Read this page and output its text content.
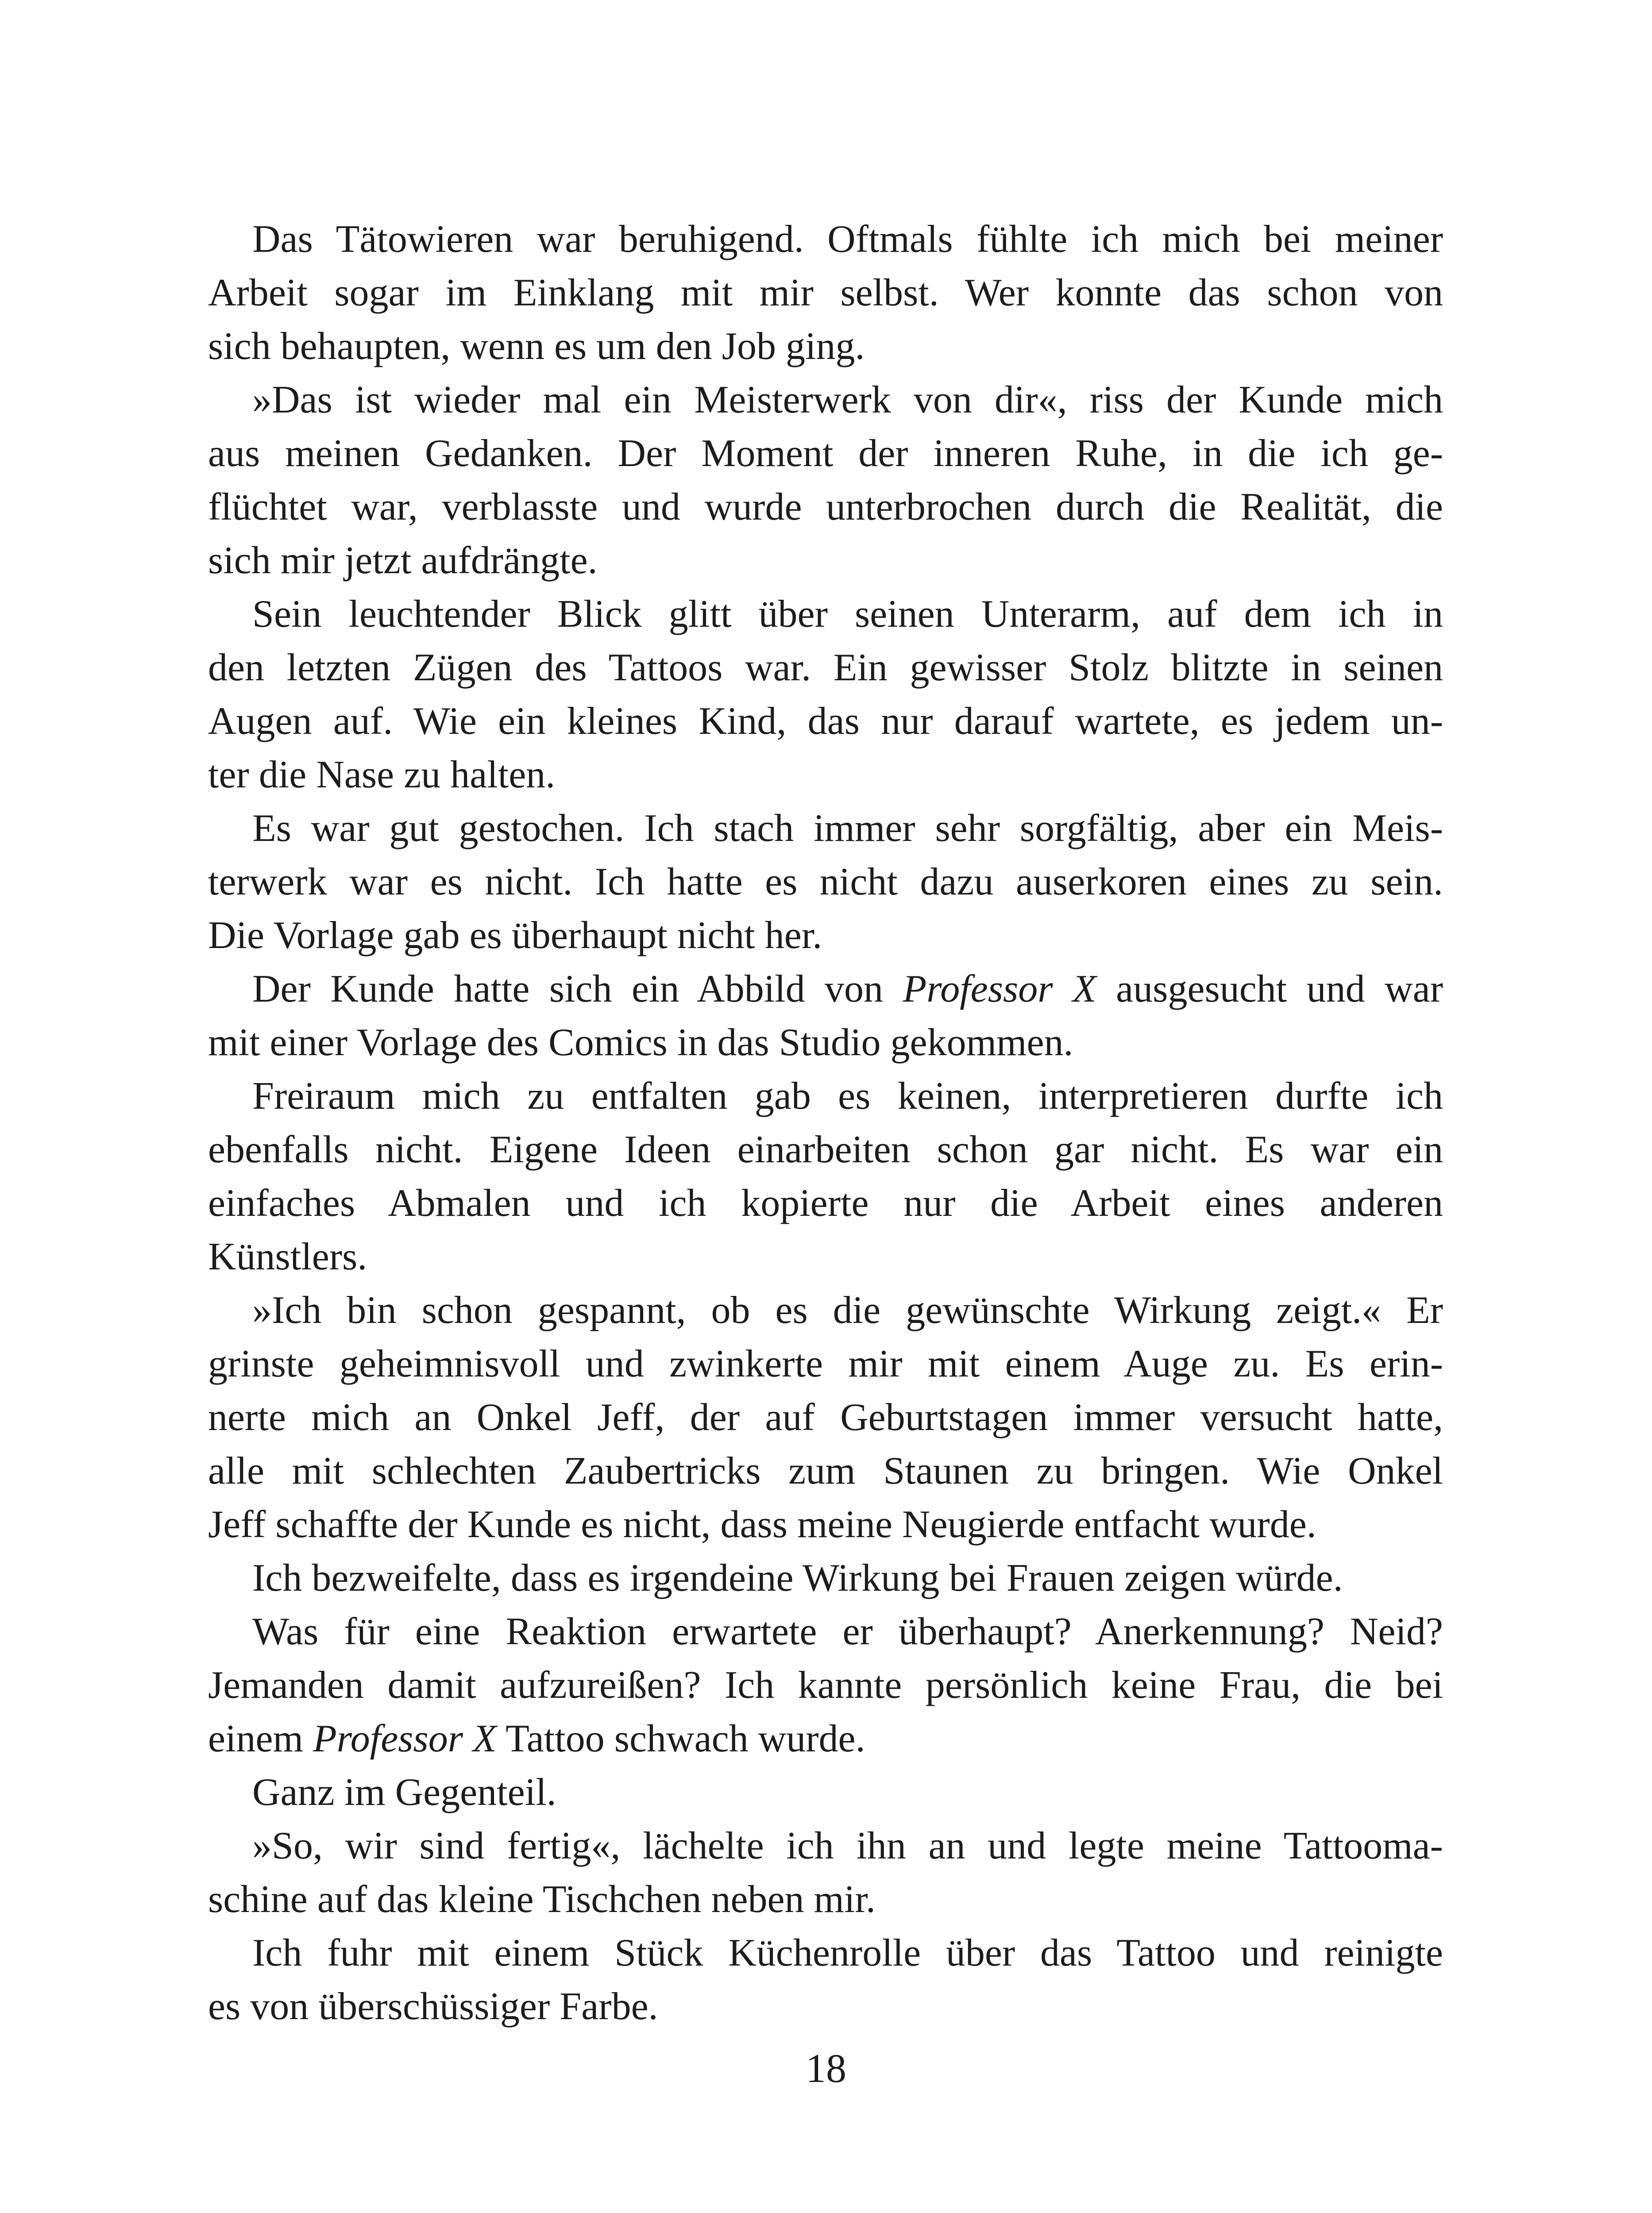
Das Tätowieren war beruhigend. Oftmals fühlte ich mich bei meiner
Arbeit sogar im Einklang mit mir selbst. Wer konnte das schon von
sich behaupten, wenn es um den Job ging.
»Das ist wieder mal ein Meisterwerk von dir«, riss der Kunde mich
aus meinen Gedanken. Der Moment der inneren Ruhe, in die ich ge-
flüchtet war, verblasste und wurde unterbrochen durch die Realität, die
sich mir jetzt aufdrängte.
Sein leuchtender Blick glitt über seinen Unterarm, auf dem ich in
den letzten Zügen des Tattoos war. Ein gewisser Stolz blitzte in seinen
Augen auf. Wie ein kleines Kind, das nur darauf wartete, es jedem un-
ter die Nase zu halten.
Es war gut gestochen. Ich stach immer sehr sorgfältig, aber ein Meis-
terwerk war es nicht. Ich hatte es nicht dazu auserkoren eines zu sein.
Die Vorlage gab es überhaupt nicht her.
Der Kunde hatte sich ein Abbild von Professor X ausgesucht und war
mit einer Vorlage des Comics in das Studio gekommen.
Freiraum mich zu entfalten gab es keinen, interpretieren durfte ich
ebenfalls nicht. Eigene Ideen einarbeiten schon gar nicht. Es war ein
einfaches Abmalen und ich kopierte nur die Arbeit eines anderen
Künstlers.
»Ich bin schon gespannt, ob es die gewünschte Wirkung zeigt.« Er
grinste geheimnisvoll und zwinkerte mir mit einem Auge zu. Es erin-
nerte mich an Onkel Jeff, der auf Geburtstagen immer versucht hatte,
alle mit schlechten Zaubertricks zum Staunen zu bringen. Wie Onkel
Jeff schaffte der Kunde es nicht, dass meine Neugierde entfacht wurde.
Ich bezweifelte, dass es irgendeine Wirkung bei Frauen zeigen würde.
Was für eine Reaktion erwartete er überhaupt? Anerkennung? Neid?
Jemanden damit aufzureißen? Ich kannte persönlich keine Frau, die bei
einem Professor X Tattoo schwach wurde.
Ganz im Gegenteil.
»So, wir sind fertig«, lächelte ich ihn an und legte meine Tattooma-
schine auf das kleine Tischchen neben mir.
Ich fuhr mit einem Stück Küchenrolle über das Tattoo und reinigte
es von überschüssiger Farbe.
18
